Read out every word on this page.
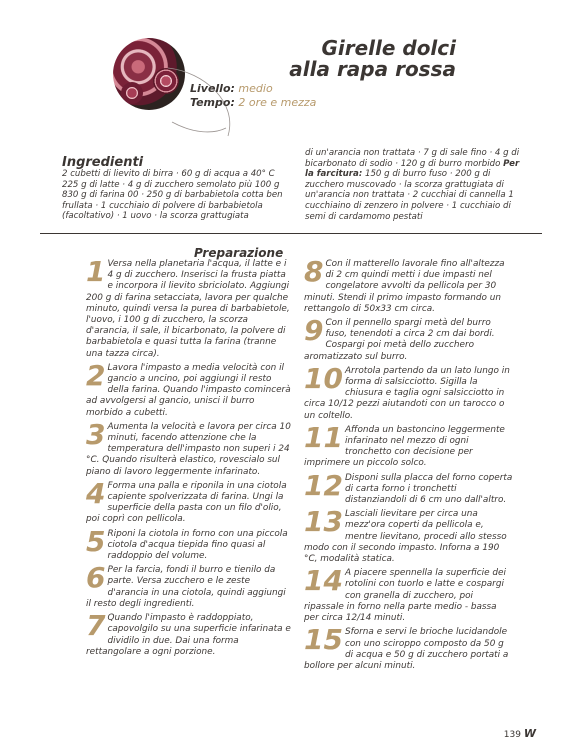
Girelle dolci
alla rapa rossa
Livello: medio
Tempo: 2 ore e mezza
Ingredienti

2 cubetti di lievito di birra · 60 g di acqua a 40° C 225 g di latte · 4 g di zucchero semolato più 100 g 830 g di farina 00 · 250 g di barbabietola cotta ben frullata · 1 cucchiaio di polvere di barbabietola (facoltativo) · 1 uovo · la scorza grattugiata

di un'arancia non trattata · 7 g di sale fino · 4 g di bicarbonato di sodio · 120 g di burro morbido Per la farcitura: 150 g di burro fuso · 200 g di zucchero muscovado · la scorza grattugiata di un'arancia non trattata · 2 cucchiai di cannella 1 cucchiaino di zenzero in polvere · 1 cucchiaio di semi di cardamomo pestati

Preparazione
1 Versa nella planetaria l'acqua, il latte e i 4 g di zucchero. Inserisci la frusta piatta e incorpora il lievito sbriciolato. Aggiungi 200 g di farina setacciata, lavora per qualche minuto, quindi versa la purea di barbabietole, l'uovo, i 100 g di zucchero, la scorza d'arancia, il sale, il bicarbonato, la polvere di barbabietola e quasi tutta la farina (tranne una tazza circa).
2 Lavora l'impasto a media velocità con il gancio a uncino, poi aggiungi il resto della farina. Quando l'impasto comincerà ad avvolgersi al gancio, unisci il burro morbido a cubetti.
3 Aumenta la velocità e lavora per circa 10 minuti, facendo attenzione che la temperatura dell'impasto non superi i 24 °C. Quando risulterà elastico, rovescialo sul piano di lavoro leggermente infarinato.
4 Forma una palla e riponila in una ciotola capiente spolverizzata di farina. Ungi la superficie della pasta con un filo d'olio, poi coprì con pellicola.
5 Riponi la ciotola in forno con una piccola ciotola d'acqua tiepida fino quasi al raddoppio del volume.
6 Per la farcia, fondi il burro e tienilo da parte. Versa zucchero e le zeste d'arancia in una ciotola, quindi aggiungi il resto degli ingredienti.
7 Quando l'impasto è raddoppiato, capovolgilo su una superficie infarinata e dividilo in due. Dai una forma rettangolare a ogni porzione.
8 Con il matterello lavorale fino all'altezza di 2 cm quindi metti i due impasti nel congelatore avvolti da pellicola per 30 minuti. Stendi il primo impasto formando un rettangolo di 50x33 cm circa.
9 Con il pennello spargi metà del burro fuso, tenendoti a circa 2 cm dai bordi. Cospargi poi metà dello zucchero aromatizzato sul burro.
10 Arrotola partendo da un lato lungo in forma di salsicciotto. Sigilla la chiusura e taglia ogni salsicciotto in circa 10/12 pezzi aiutandoti con un tarocco o un coltello.
11 Affonda un bastoncino leggermente infarinato nel mezzo di ogni tronchetto con decisione per imprimere un piccolo solco.
12 Disponi sulla placca del forno coperta di carta forno i tronchetti distanziandoli di 6 cm uno dall'altro.
13 Lasciali lievitare per circa una mezz'ora coperti da pellicola e, mentre lievitano, procedi allo stesso modo con il secondo impasto. Inforna a 190 °C, modalità statica.
14 A piacere spennella la superficie dei rotolini con tuorlo e latte e cospargi con granella di zucchero, poi ripassale in forno nella parte medio - bassa per circa 12/14 minuti.
15 Sforna e servi le brioche lucidandole con uno sciroppo composto da 50 g di acqua e 50 g di zucchero portati a bollore per alcuni minuti.
139 W
